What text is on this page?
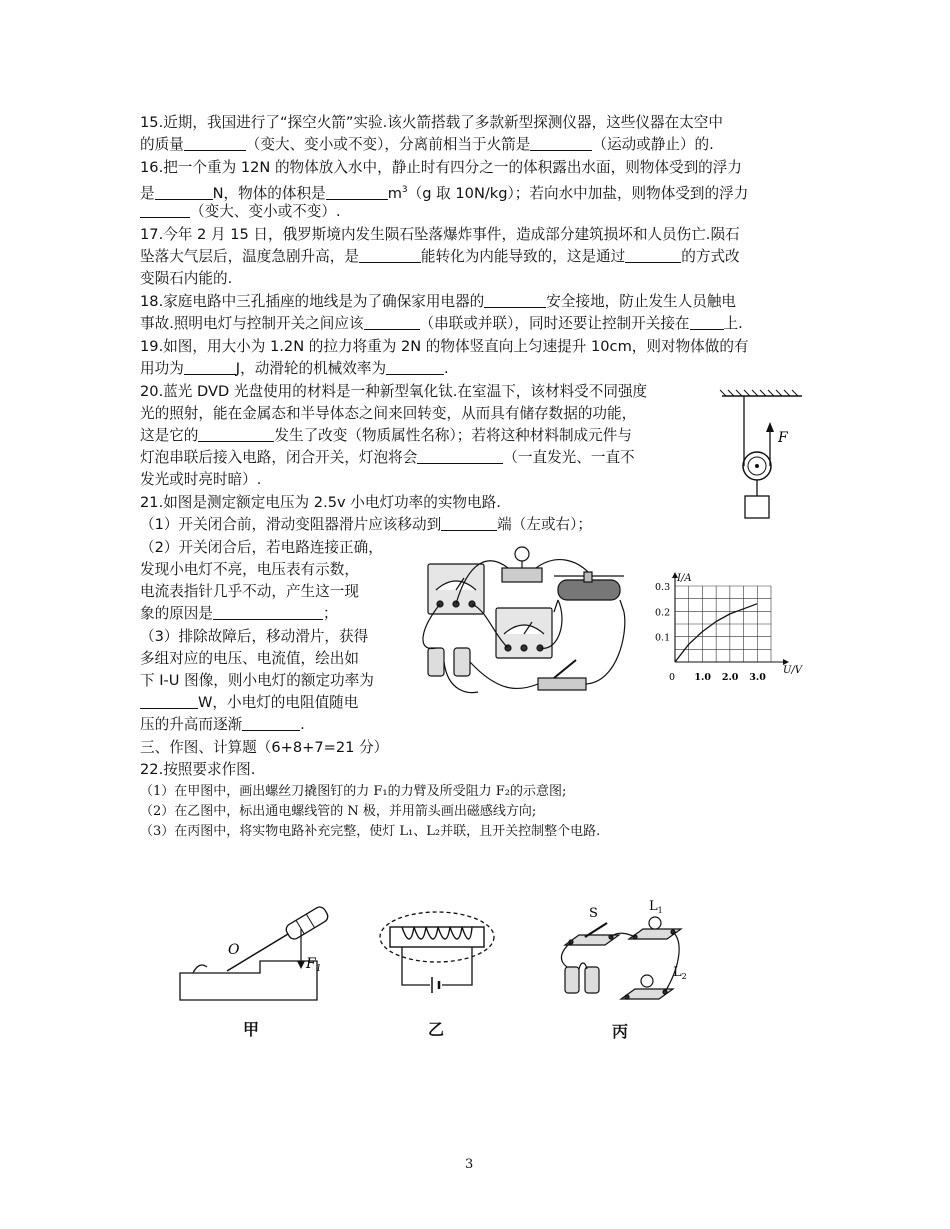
15.近期，我国进行了“探空火箭”实验.该火箭搭载了多款新型探测仪器，这些仪器在太空中
的质量	（变大、变小或不变），分离前相当于火箭是	（运动或静止）的.
16.把一个重为 12N 的物体放入水中，静止时有四分之一的体积露出水面，则物体受到的浮力
是	N，物体的体积是	$m^3(g$ 取 10N/kg）；若向水中加盐，则物体受到的浮力
（变大、变小或不变）.
17.今年 2 月 15 日，俄罗斯境内发生陨石坠落爆炸事件，造成部分建筑损坏和人员伤亡.陨石
坠落大气层后，温度急剧升高，是	能转化为内能导致的，这是通过	的方式改
变陨石内能的.
18.家庭电路中三孔插座的地线是为了确保家用电器的	安全接地，防止发生人员触电
事故.照明电灯与控制开关之间应该	（串联或并联），同时还要让控制开关接在 上.
19.如图，用大小为 1.2N 的拉力将重为 2N 的物体竖直向上匀速提升 10cm，则对物体做的有
用功为	J，动滑轮的机械效率为	.
20.蓝光 DVD 光盘使用的材料是一种新型氧化钛.在室温下，该材料受不同强度
光的照射，能在金属态和半导体态之间来回转变，从而具有储存数据的功能，
这是它的	发生了改变（物质属性名称）；若将这种材料制成元件与
灯泡串联后接入电路，闭合开关，灯泡将会	（一直发光、一直不
发光或时亮时暗）.
F
21.如图是测定额定电压为 2.5v 小电灯功率的实物电路.
（1）开关闭合前，滑动变阻器滑片应该移动到	端（左或右）；
（2）开关闭合后，若电路连接正确，
发现小电灯不亮，电压表有示数，
电流表指针几乎不动，产生这一现
象的原因是	；
（3）排除故障后，移动滑片，获得
多组对应的电压、电流值，绘出如
下 I-U 图像，则小电灯的额定功率为
W，小电灯的电阻值随电
压的升高而逐渐	.
0.3
0.2
0.1
0 1.0 2.0 3.0
I/A
U/V
三、作图、计算题（6+8+7=21 分）
22.按照要求作图.
（1）在甲图中，画出螺丝刀撬图钉的力 F₁的力臂及所受阻力 F₂的示意图;
（2）在乙图中，标出通电螺线管的 N 极，并用箭头画出磁感线方向;
（3）在丙图中，将实物电路补充完整，使灯 L₁、L₂并联，且开关控制整个电路.
O
$F_1$
甲	乙
S	$L_1$
$L_2$
丙
3
